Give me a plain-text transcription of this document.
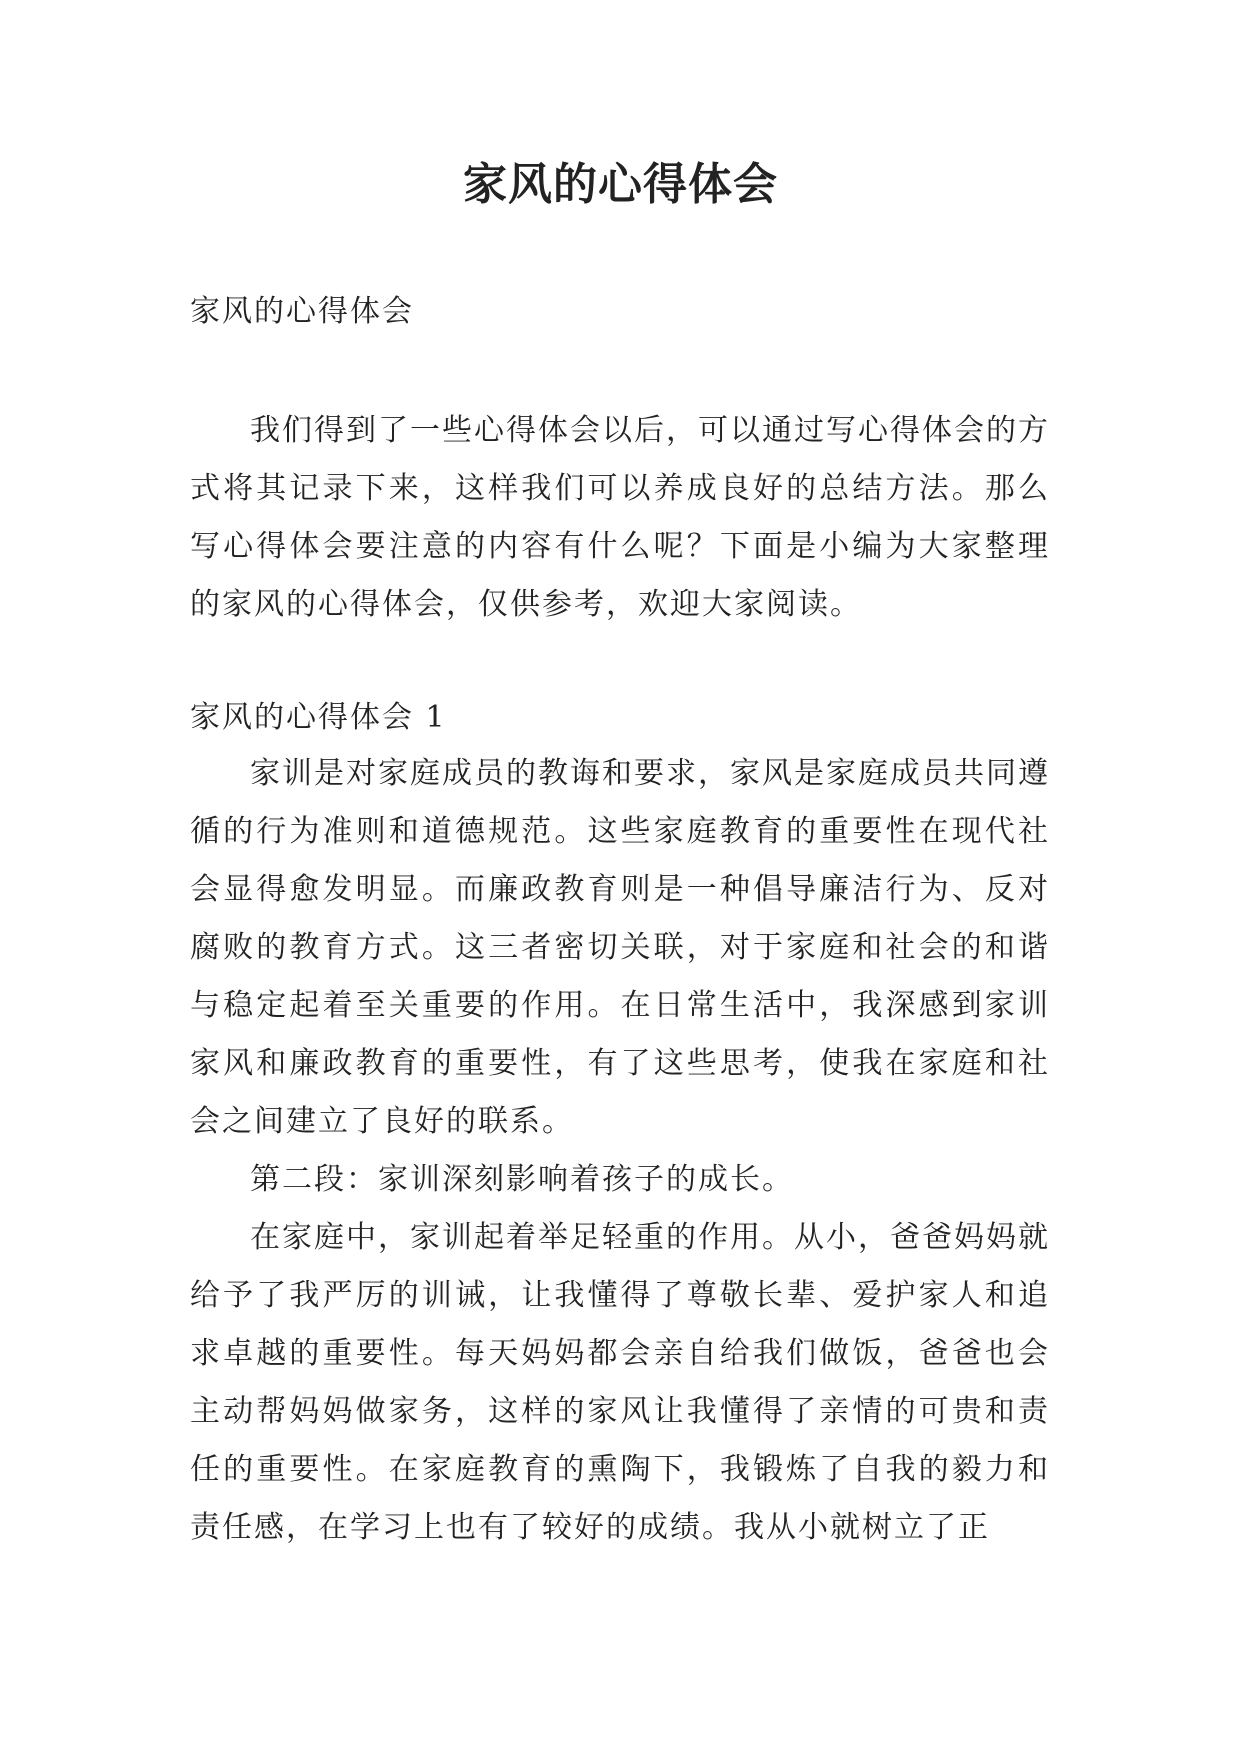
家风的心得体会
家风的心得体会

我们得到了一些心得体会以后，可以通过写心得体会的方式将其记录下来，这样我们可以养成良好的总结方法。那么写心得体会要注意的内容有什么呢？下面是小编为大家整理的家风的心得体会，仅供参考，欢迎大家阅读。

家风的心得体会 1

家训是对家庭成员的教诲和要求，家风是家庭成员共同遵循的行为准则和道德规范。这些家庭教育的重要性在现代社会显得愈发明显。而廉政教育则是一种倡导廉洁行为、反对腐败的教育方式。这三者密切关联，对于家庭和社会的和谐与稳定起着至关重要的作用。在日常生活中，我深感到家训家风和廉政教育的重要性，有了这些思考，使我在家庭和社会之间建立了良好的联系。

第二段：家训深刻影响着孩子的成长。

在家庭中，家训起着举足轻重的作用。从小，爸爸妈妈就给予了我严厉的训诫，让我懂得了尊敬长辈、爱护家人和追求卓越的重要性。每天妈妈都会亲自给我们做饭，爸爸也会主动帮妈妈做家务，这样的家风让我懂得了亲情的可贵和责任的重要性。在家庭教育的熏陶下，我锻炼了自我的毅力和责任感，在学习上也有了较好的成绩。我从小就树立了正
